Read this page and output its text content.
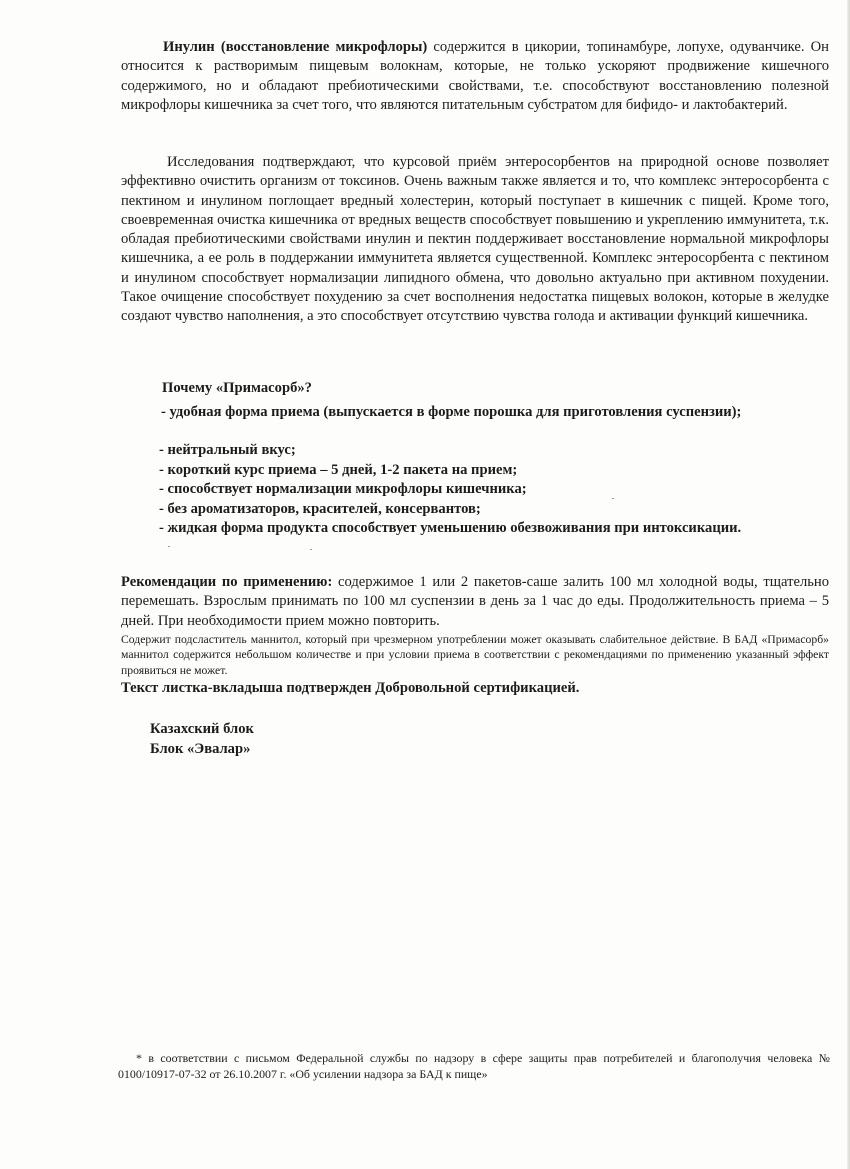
Инулин (восстановление микрофлоры) содержится в цикории, топинамбуре, лопухе, одуванчике. Он относится к растворимым пищевым волокнам, которые, не только ускоряют продвижение кишечного содержимого, но и обладают пребиотическими свойствами, т.е. способствуют восстановлению полезной микрофлоры кишечника за счет того, что являются питательным субстратом для бифидо- и лактобактерий.

Исследования подтверждают, что курсовой приём энтеросорбентов на природной основе позволяет эффективно очистить организм от токсинов. Очень важным также является и то, что комплекс энтеросорбента с пектином и инулином поглощает вредный холестерин, который поступает в кишечник с пищей. Кроме того, своевременная очистка кишечника от вредных веществ способствует повышению и укреплению иммунитета, т.к. обладая пребиотическими свойствами инулин и пектин поддерживает восстановление нормальной микрофлоры кишечника, а ее роль в поддержании иммунитета является существенной. Комплекс энтеросорбента с пектином и инулином способствует нормализации липидного обмена, что довольно актуально при активном похудении. Такое очищение способствует похудению за счет восполнения недостатка пищевых волокон, которые в желудке создают чувство наполнения, а это способствует отсутствию чувства голода и активации функций кишечника.

Почему «Примасорб»?

- удобная форма приема (выпускается в форме порошка для приготовления суспензии);

- нейтральный вкус;
- короткий курс приема – 5 дней, 1-2 пакета на прием;
- способствует нормализации микрофлоры кишечника;
- без ароматизаторов, красителей, консервантов;
- жидкая форма продукта способствует уменьшению обезвоживания при интоксикации.

Рекомендации по применению: содержимое 1 или 2 пакетов-саше залить 100 мл холодной воды, тщательно перемешать. Взрослым принимать по 100 мл суспензии в день за 1 час до еды. Продолжительность приема – 5 дней. При необходимости прием можно повторить.

Содержит подсластитель маннитол, который при чрезмерном употреблении может оказывать слабительное действие. В БАД «Примасорб» маннитол содержится небольшом количестве и при условии приема в соответствии с рекомендациями по применению указанный эффект проявиться не может.

Текст листка-вкладыша подтвержден Добровольной сертификацией.

Казахский блок
Блок «Эвалар»

* в соответствии с письмом Федеральной службы по надзору в сфере защиты прав потребителей и благополучия человека № 0100/10917-07-32 от 26.10.2007 г. «Об усилении надзора за БАД к пище»
